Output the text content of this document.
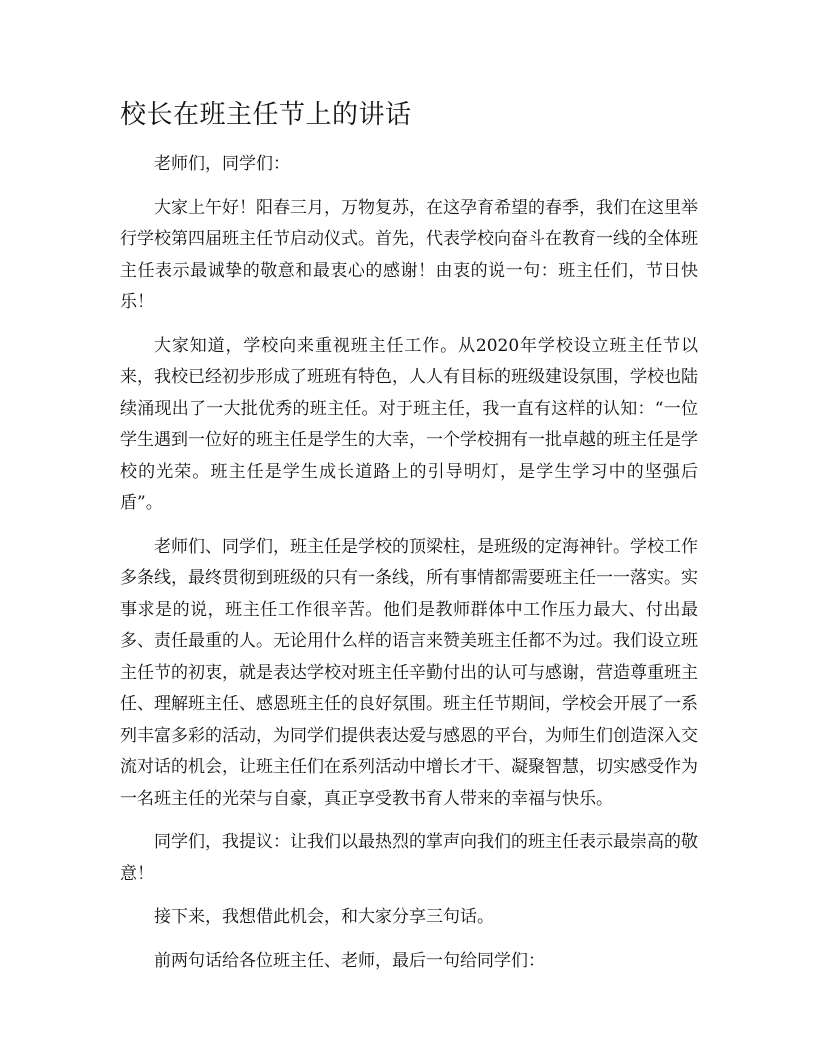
校长在班主任节上的讲话

老师们，同学们：

大家上午好！阳春三月，万物复苏，在这孕育希望的春季，我们在这里举行学校第四届班主任节启动仪式。首先，代表学校向奋斗在教育一线的全体班主任表示最诚挚的敬意和最衷心的感谢！由衷的说一句：班主任们，节日快乐！

大家知道，学校向来重视班主任工作。从2020年学校设立班主任节以来，我校已经初步形成了班班有特色，人人有目标的班级建设氛围，学校也陆续涌现出了一大批优秀的班主任。对于班主任，我一直有这样的认知：“一位学生遇到一位好的班主任是学生的大幸，一个学校拥有一批卓越的班主任是学校的光荣。班主任是学生成长道路上的引导明灯，是学生学习中的坚强后盾”。

老师们、同学们，班主任是学校的顶梁柱，是班级的定海神针。学校工作多条线，最终贯彻到班级的只有一条线，所有事情都需要班主任一一落实。实事求是的说，班主任工作很辛苦。他们是教师群体中工作压力最大、付出最多、责任最重的人。无论用什么样的语言来赞美班主任都不为过。我们设立班主任节的初衷，就是表达学校对班主任辛勤付出的认可与感谢，营造尊重班主任、理解班主任、感恩班主任的良好氛围。班主任节期间，学校会开展了一系列丰富多彩的活动，为同学们提供表达爱与感恩的平台，为师生们创造深入交流对话的机会，让班主任们在系列活动中增长才干、凝聚智慧，切实感受作为一名班主任的光荣与自豪，真正享受教书育人带来的幸福与快乐。

同学们，我提议：让我们以最热烈的掌声向我们的班主任表示最崇高的敬意！

接下来，我想借此机会，和大家分享三句话。

前两句话给各位班主任、老师，最后一句给同学们：
